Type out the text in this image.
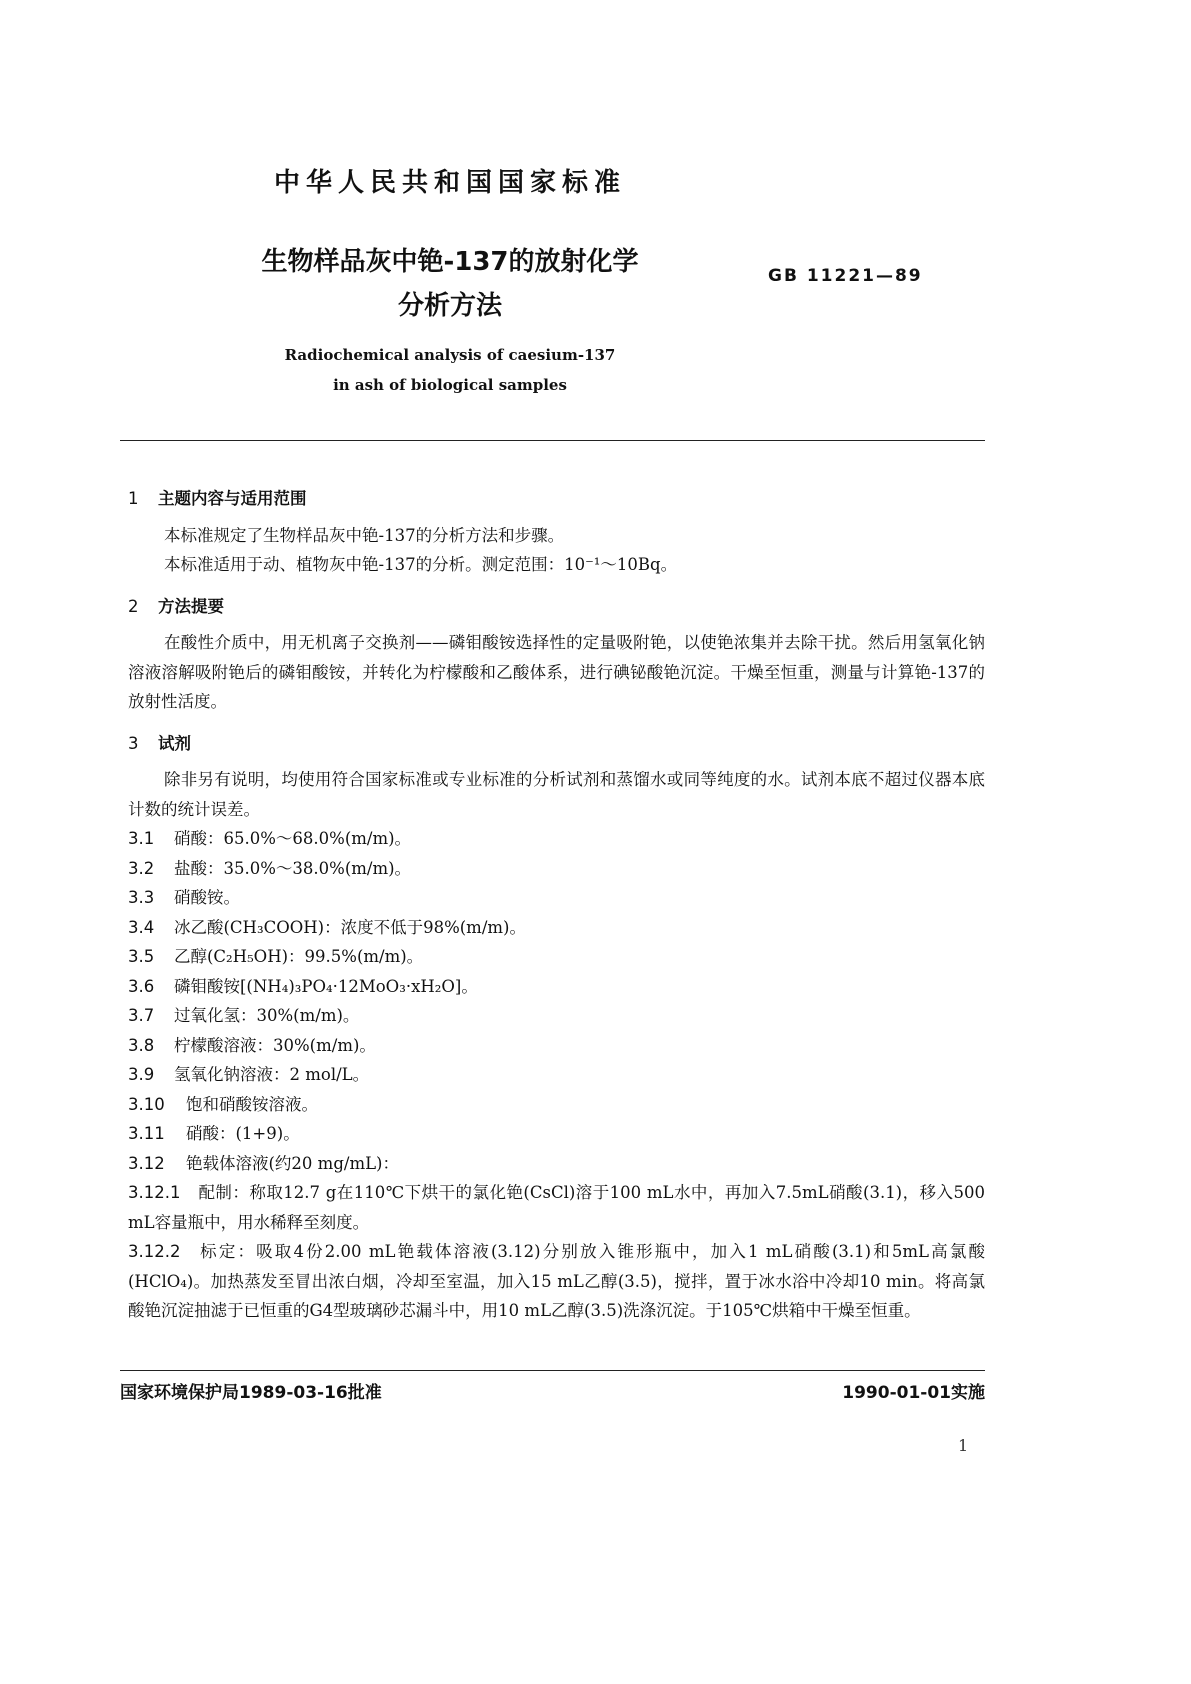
中华人民共和国国家标准
生物样品灰中铯-137的放射化学
分析方法
GB 11221—89
Radiochemical analysis of caesium-137
in ash of biological samples
1 主题内容与适用范围

本标准规定了生物样品灰中铯-137的分析方法和步骤。

本标准适用于动、植物灰中铯-137的分析。测定范围：10⁻¹～10Bq。

2 方法提要

在酸性介质中，用无机离子交换剂——磷钼酸铵选择性的定量吸附铯，以使铯浓集并去除干扰。然后用氢氧化钠溶液溶解吸附铯后的磷钼酸铵，并转化为柠檬酸和乙酸体系，进行碘铋酸铯沉淀。干燥至恒重，测量与计算铯-137的放射性活度。

3 试剂

除非另有说明，均使用符合国家标准或专业标准的分析试剂和蒸馏水或同等纯度的水。试剂本底不超过仪器本底计数的统计误差。

3.1 硝酸：65.0%～68.0%(m/m)。

3.2 盐酸：35.0%～38.0%(m/m)。

3.3 硝酸铵。

3.4 冰乙酸(CH₃COOH)：浓度不低于98%(m/m)。

3.5 乙醇(C₂H₅OH)：99.5%(m/m)。

3.6 磷钼酸铵[(NH₄)₃PO₄·12MoO₃·xH₂O]。

3.7 过氧化氢：30%(m/m)。

3.8 柠檬酸溶液：30%(m/m)。

3.9 氢氧化钠溶液：2 mol/L。

3.10 饱和硝酸铵溶液。

3.11 硝酸：(1+9)。

3.12 铯载体溶液(约20 mg/mL)：

3.12.1 配制：称取12.7 g在110℃下烘干的氯化铯(CsCl)溶于100 mL水中，再加入7.5mL硝酸(3.1)，移入500 mL容量瓶中，用水稀释至刻度。

3.12.2 标定：吸取4份2.00 mL铯载体溶液(3.12)分别放入锥形瓶中，加入1 mL硝酸(3.1)和5mL高氯酸(HClO₄)。加热蒸发至冒出浓白烟，冷却至室温，加入15 mL乙醇(3.5)，搅拌，置于冰水浴中冷却10 min。将高氯酸铯沉淀抽滤于已恒重的G4型玻璃砂芯漏斗中，用10 mL乙醇(3.5)洗涤沉淀。于105℃烘箱中干燥至恒重。

国家环境保护局1989-03-16批准	1990-01-01实施
1
